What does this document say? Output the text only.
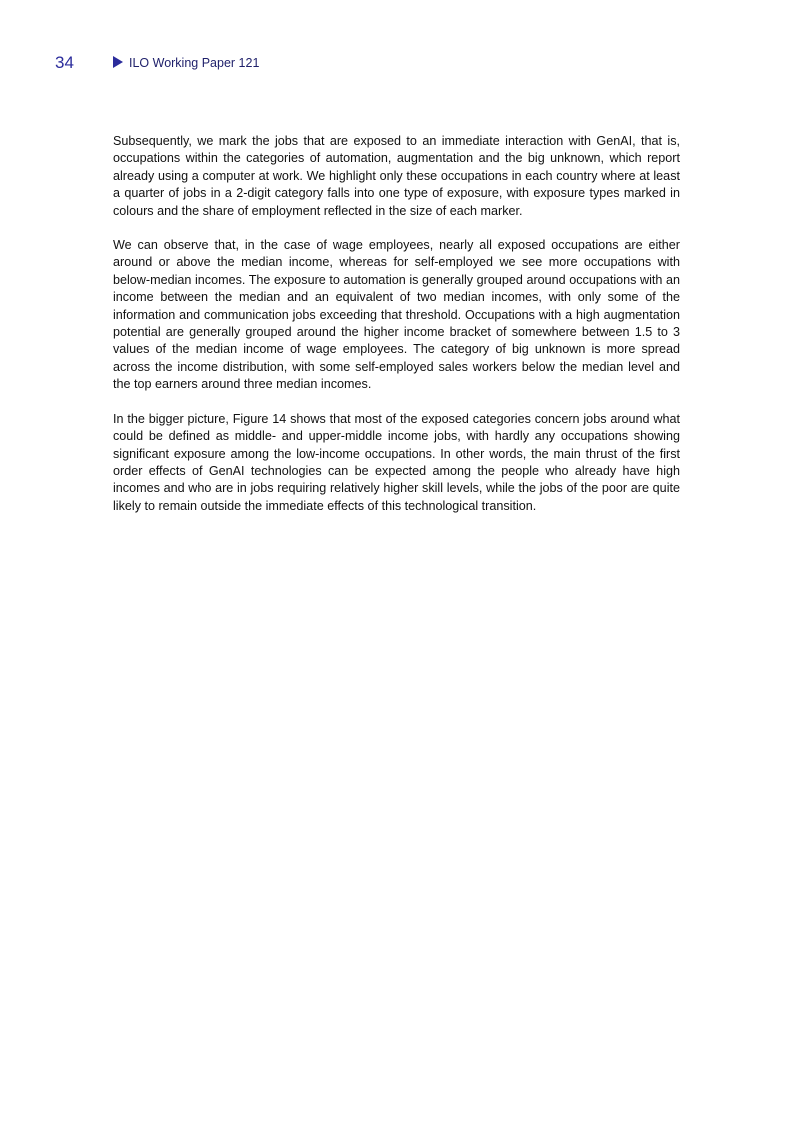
34	ILO Working Paper 121

Subsequently, we mark the jobs that are exposed to an immediate interaction with GenAI, that is, occupations within the categories of automation, augmentation and the big unknown, which report already using a computer at work. We highlight only these occupations in each country where at least a quarter of jobs in a 2-digit category falls into one type of exposure, with exposure types marked in colours and the share of employment reflected in the size of each marker.

We can observe that, in the case of wage employees, nearly all exposed occupations are either around or above the median income, whereas for self-employed we see more occupations with below-median incomes. The exposure to automation is generally grouped around occupations with an income between the median and an equivalent of two median incomes, with only some of the information and communication jobs exceeding that threshold. Occupations with a high augmentation potential are generally grouped around the higher income bracket of somewhere between 1.5 to 3 values of the median income of wage employees. The category of big unknown is more spread across the income distribution, with some self-employed sales workers below the median level and the top earners around three median incomes.

In the bigger picture, Figure 14 shows that most of the exposed categories concern jobs around what could be defined as middle- and upper-middle income jobs, with hardly any occupations showing significant exposure among the low-income occupations. In other words, the main thrust of the first order effects of GenAI technologies can be expected among the people who already have high incomes and who are in jobs requiring relatively higher skill levels, while the jobs of the poor are quite likely to remain outside the immediate effects of this technological transition.
